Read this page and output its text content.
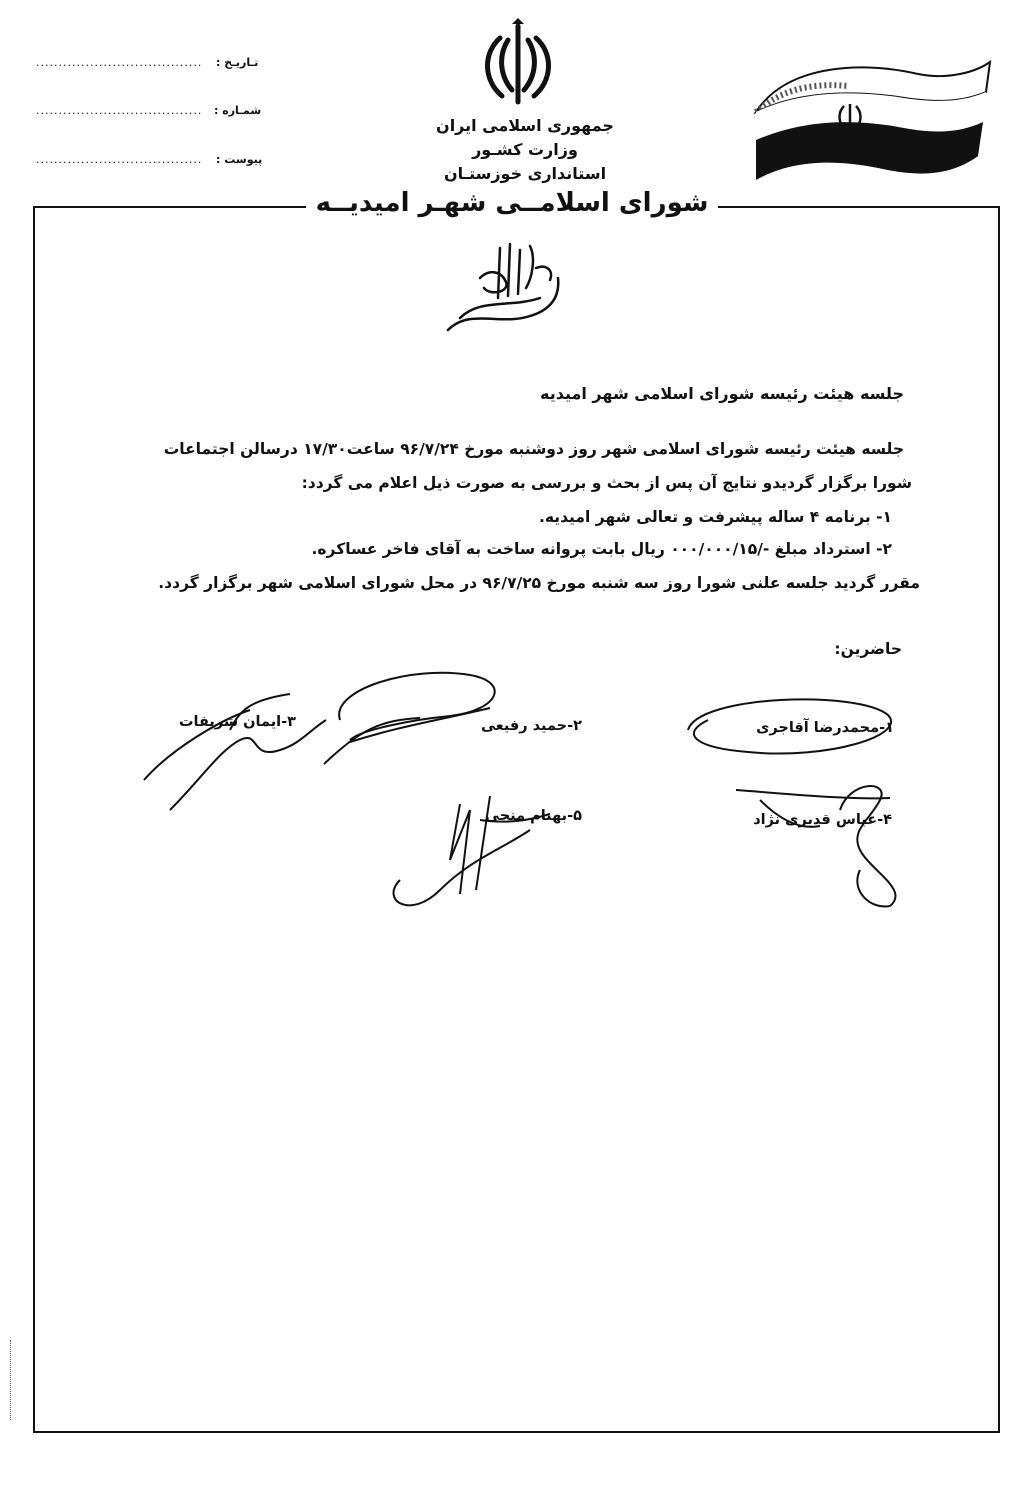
تـاریـخ :
.....................................
شمـاره :
.....................................
پیوست :
.....................................
جمهوری اسلامی ایران
وزارت کشـور
استانداری خوزستـان
شورای اسلامــی شهـر امیدیــه
جلسه هیئت رئیسه شورای اسلامی شهر امیدیه
جلسه هیئت رئیسه شورای اسلامی شهر روز دوشنبه مورخ ۹۶/۷/۲۴ ساعت۱۷/۳۰ درسالن اجتماعات
شورا برگزار گردیدو نتایج آن پس از بحث و بررسی به صورت ذیل اعلام می گردد:
۱- برنامه ۴ ساله پیشرفت و تعالی شهر امیدیه.
۲- استرداد مبلغ -/۰۰۰/۰۰۰/۱۵ ریال بابت پروانه ساخت به آقای فاخر عساکره.
مقرر گردید جلسه علنی شورا روز سه شنبه مورخ ۹۶/۷/۲۵ در محل شورای اسلامی شهر برگزار گردد.
حاضرین:
۱-محمدرضا آقاجری
۲-حمید رفیعی
۳-ایمان شریفات
۴-عباس قدیری نژاد
۵-بهنام منجی
